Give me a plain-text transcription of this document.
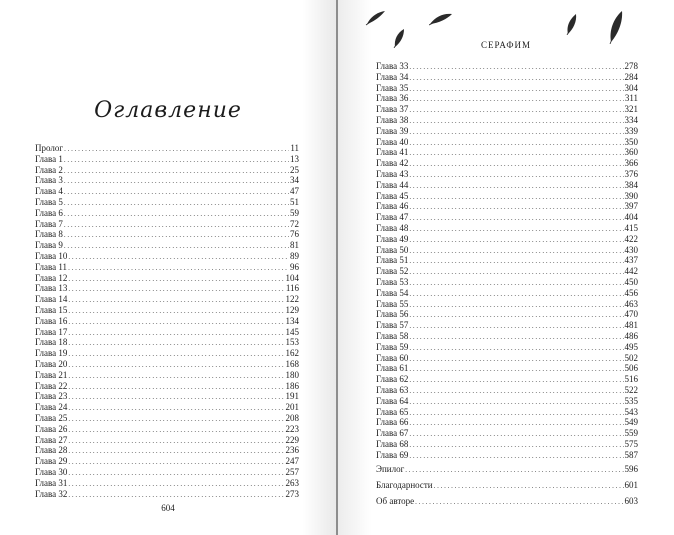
Оглавление
Пролог . . .	11
Глава 1 . . .	13
Глава 2 . . .	25
Глава 3 . . .	34
Глава 4 . . .	47
Глава 5 . . .	51
Глава 6 . . .	59
Глава 7 . . .	72
Глава 8 . . .	76
Глава 9 . . .	81
Глава 10 . . .	89
Глава 11 . . .	96
Глава 12 . . .	104
Глава 13 . . .	116
Глава 14 . . .	122
Глава 15 . . .	129
Глава 16 . . .	134
Глава 17 . . .	145
Глава 18 . . .	153
Глава 19 . . .	162
Глава 20 . . .	168
Глава 21 . . .	180
Глава 22 . . .	186
Глава 23 . . .	191
Глава 24 . . .	201
Глава 25 . . .	208
Глава 26 . . .	223
Глава 27 . . .	229
Глава 28 . . .	236
Глава 29 . . .	247
Глава 30 . . .	257
Глава 31 . . .	263
Глава 32 . . .	273
604
СЕРАФИМ
Глава 33 . . .	278
Глава 34 . . .	284
Глава 35 . . .	304
Глава 36 . . .	311
Глава 37 . . .	321
Глава 38 . . .	334
Глава 39 . . .	339
Глава 40 . . .	350
Глава 41 . . .	360
Глава 42 . . .	366
Глава 43 . . .	376
Глава 44 . . .	384
Глава 45 . . .	390
Глава 46 . . .	397
Глава 47 . . .	404
Глава 48 . . .	415
Глава 49 . . .	422
Глава 50 . . .	430
Глава 51 . . .	437
Глава 52 . . .	442
Глава 53 . . .	450
Глава 54 . . .	456
Глава 55 . . .	463
Глава 56 . . .	470
Глава 57 . . .	481
Глава 58 . . .	486
Глава 59 . . .	495
Глава 60 . . .	502
Глава 61 . . .	506
Глава 62 . . .	516
Глава 63 . . .	522
Глава 64 . . .	535
Глава 65 . . .	543
Глава 66 . . .	549
Глава 67 . . .	559
Глава 68 . . .	575
Глава 69 . . .	587
Эпилог . . .	596
Благодарности . . .	601
Об авторе . . .	603
